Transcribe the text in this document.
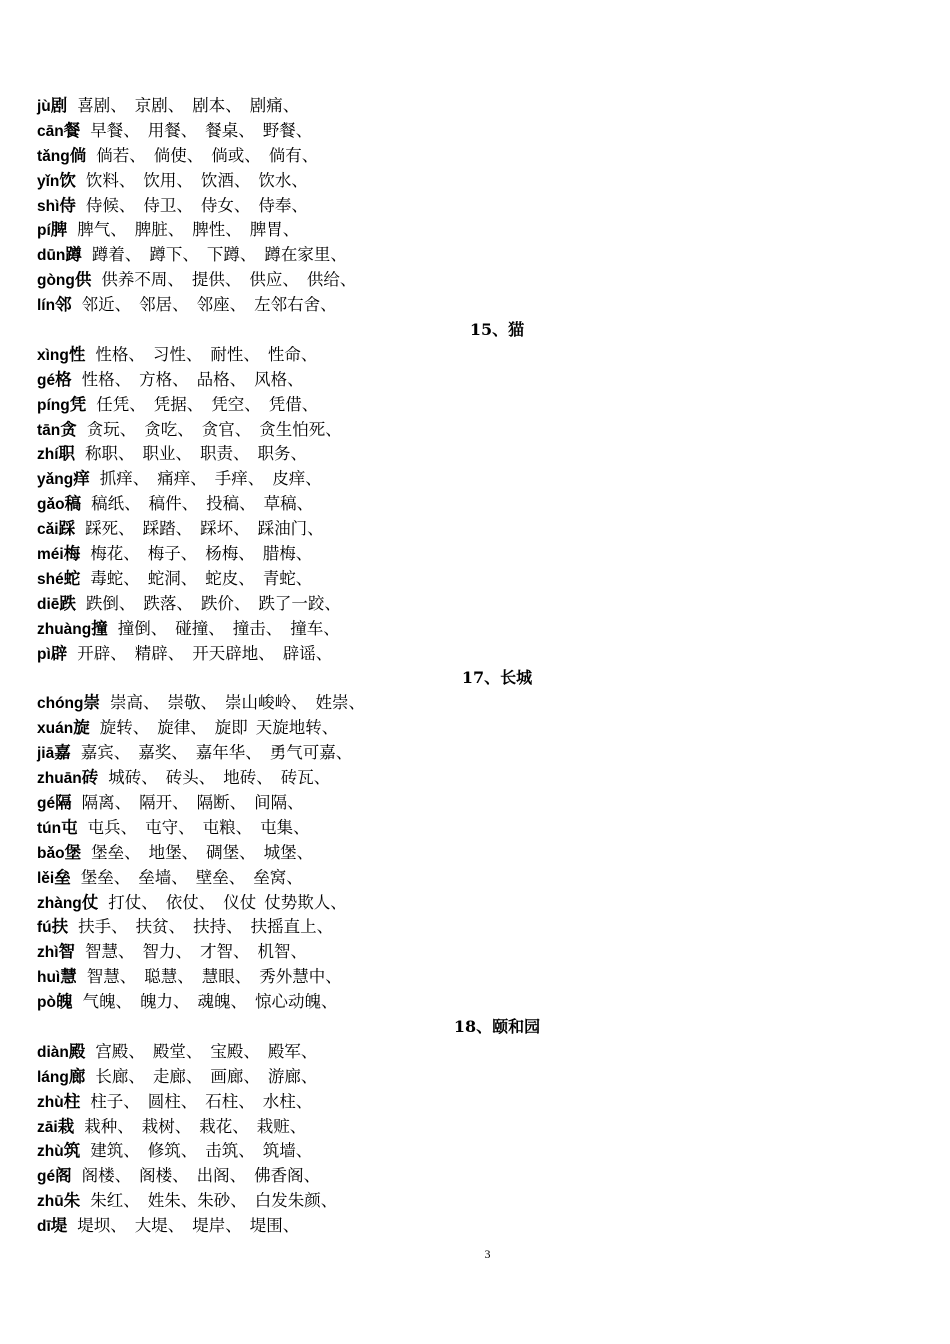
jù剧 喜剧、 京剧、 剧本、 剧痛、
cān餐 早餐、 用餐、 餐桌、 野餐、
tǎng倘 倘若、 倘使、 倘或、 倘有、
yǐn饮 饮料、 饮用、 饮酒、 饮水、
shì侍 侍候、 侍卫、 侍女、 侍奉、
pí脾 脾气、 脾脏、 脾性、 脾胃、
dūn蹲 蹲着、 蹲下、 下蹲、 蹲在家里、
gòng供 供养不周、 提供、 供应、 供给、
lín邻 邻近、 邻居、 邻座、 左邻右舍、
15、猫
xìng性 性格、 习性、 耐性、 性命、
gé格 性格、 方格、 品格、 风格、
píng凭 任凭、 凭据、 凭空、 凭借、
tān贪 贪玩、 贪吃、 贪官、 贪生怕死、
zhí职 称职、 职业、 职责、 职务、
yǎng痒 抓痒、 痛痒、 手痒、 皮痒、
gǎo稿 稿纸、 稿件、 投稿、 草稿、
cǎi踩 踩死、 踩踏、 踩坏、 踩油门、
méi梅 梅花、 梅子、 杨梅、 腊梅、
shé蛇 毒蛇、 蛇洞、 蛇皮、 青蛇、
diē跌 跌倒、 跌落、 跌价、 跌了一跤、
zhuàng撞 撞倒、 碰撞、 撞击、 撞车、
pì辟 开辟、 精辟、 开天辟地、 辟谣、
17、长城
chóng崇 崇高、 崇敬、 崇山峻岭、 姓崇、
xuán旋 旋转、 旋律、 旋即 天旋地转、
jiā嘉 嘉宾、 嘉奖、 嘉年华、 勇气可嘉、
zhuān砖 城砖、 砖头、 地砖、 砖瓦、
gé隔 隔离、 隔开、 隔断、 间隔、
tún屯 屯兵、 屯守、 屯粮、 屯集、
bǎo堡 堡垒、 地堡、 碉堡、 城堡、
lěi垒 堡垒、 垒墙、 壁垒、 垒窝、
zhàng仗 打仗、 依仗、 仪仗 仗势欺人、
fú扶 扶手、 扶贫、 扶持、 扶摇直上、
zhì智 智慧、 智力、 才智、 机智、
huì慧 智慧、 聪慧、 慧眼、 秀外慧中、
pò魄 气魄、 魄力、 魂魄、 惊心动魄、
18、颐和园
diàn殿 宫殿、 殿堂、 宝殿、 殿军、
láng廊 长廊、 走廊、 画廊、 游廊、
zhù柱 柱子、 圆柱、 石柱、 水柱、
zāi栽 栽种、 栽树、 栽花、 栽赃、
zhù筑 建筑、 修筑、 击筑、 筑墙、
gé阁 阁楼、 阁楼、 出阁、 佛香阁、
zhū朱 朱红、 姓朱、朱砂、 白发朱颜、
dī堤 堤坝、 大堤、 堤岸、 堤围、
3
